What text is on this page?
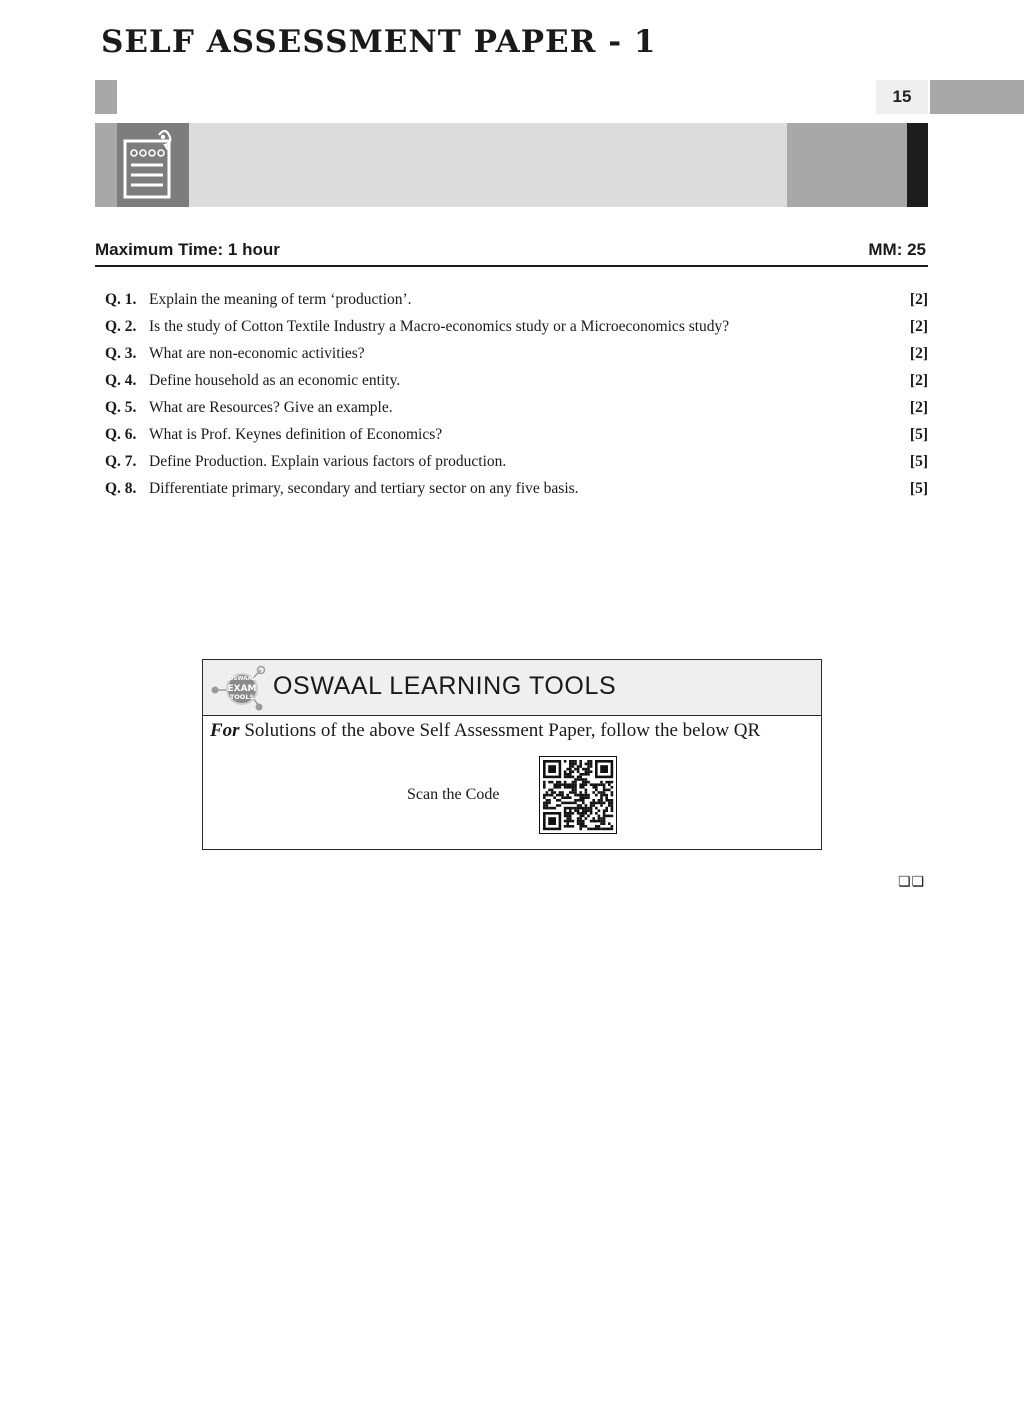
15
SELF ASSESSMENT PAPER - 1
Maximum Time: 1 hour	MM: 25
Q. 1. Explain the meaning of term ‘production’.	[2]
Q. 2. Is the study of Cotton Textile Industry a Macro-economics study or a Microeconomics study?	[2]
Q. 3. What are non-economic activities?	[2]
Q. 4. Define household as an economic entity.	[2]
Q. 5. What are Resources? Give an example.	[2]
Q. 6. What is Prof. Keynes definition of Economics?	[5]
Q. 7. Define Production. Explain various factors of production.	[5]
Q. 8. Differentiate primary, secondary and tertiary sector on any five basis.	[5]
OSWAAL
EXAM
TOOLS OSWAAL LEARNING TOOLS
For Solutions of the above Self Assessment Paper, follow the below QR
Scan the Code
❏❏
